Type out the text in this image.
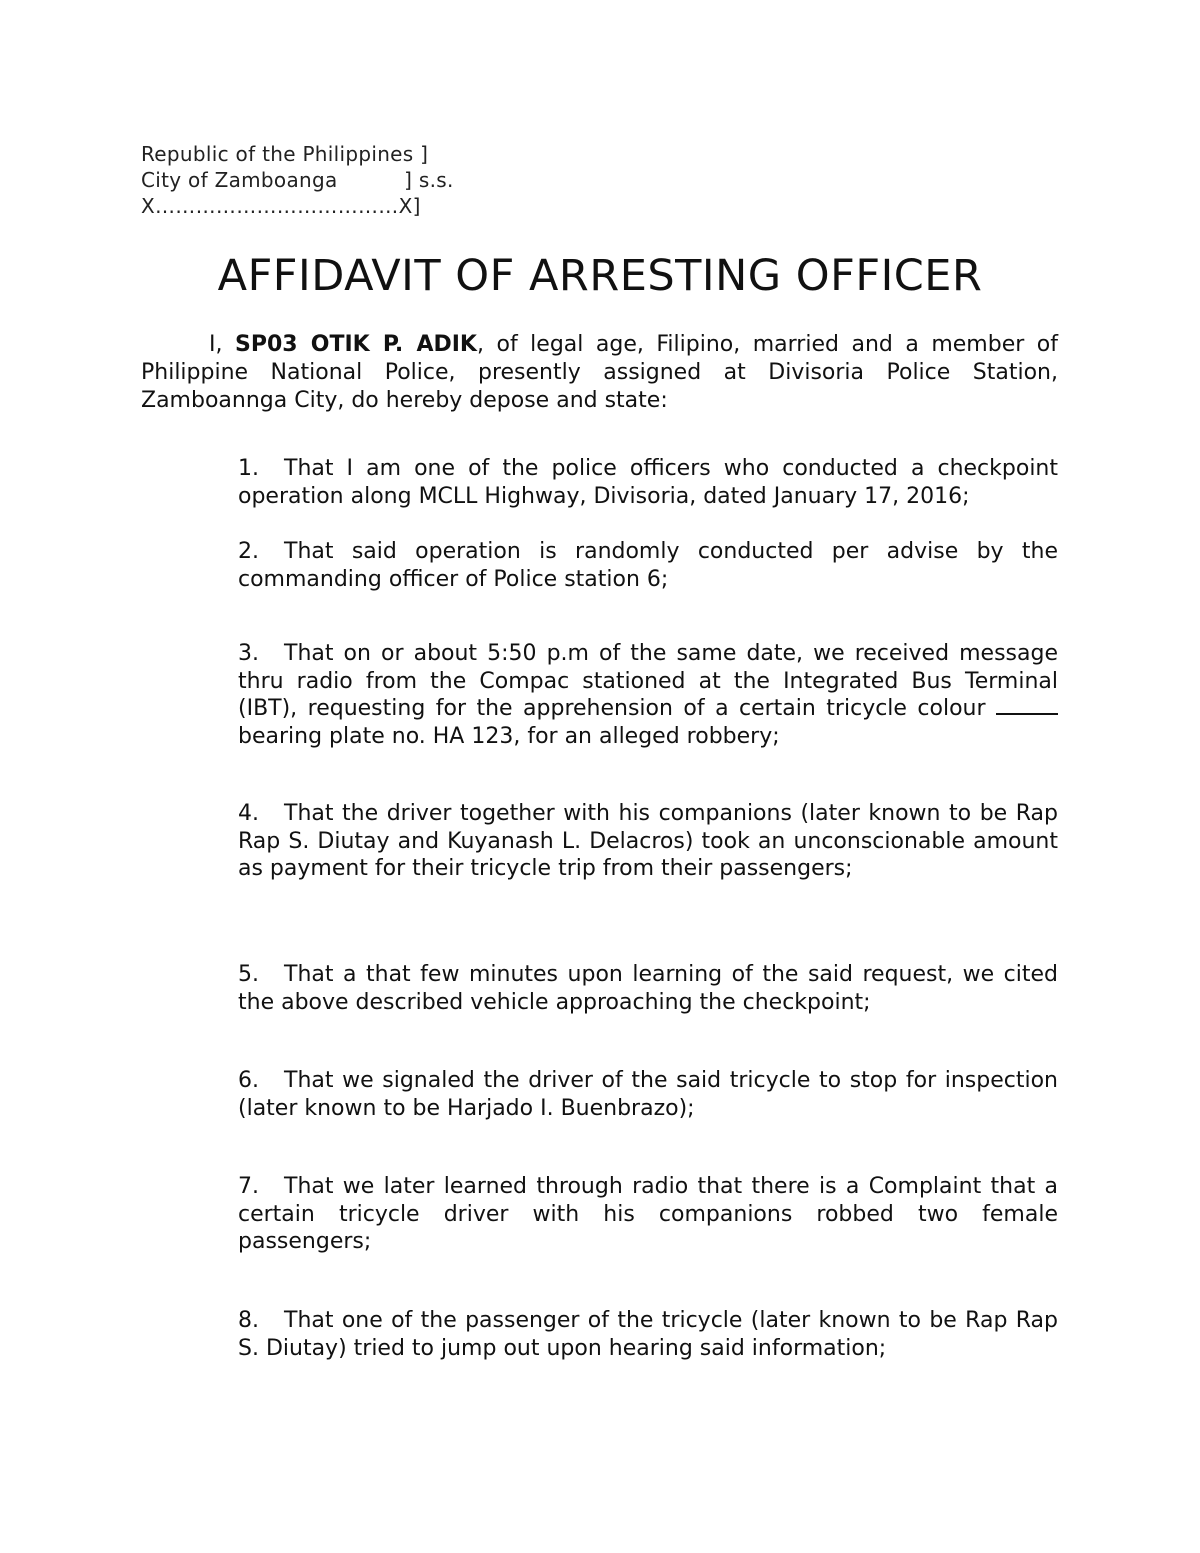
Republic of the Philippines ]
City of Zamboanga          ] s.s.
X………………………………X]
AFFIDAVIT OF ARRESTING OFFICER

I, SP03 OTIK P. ADIK, of legal age, Filipino, married and a member of Philippine National Police, presently assigned at Divisoria Police Station, Zamboannga City, do hereby depose and state:

1. That I am one of the police officers who conducted a checkpoint operation along MCLL Highway, Divisoria, dated January 17, 2016;

2. That said operation is randomly conducted per advise by the commanding officer of Police station 6;

3. That on or about 5:50 p.m of the same date, we received message thru radio from the Compac stationed at the Integrated Bus Terminal (IBT), requesting for the apprehension of a certain tricycle colour bearing plate no. HA 123, for an alleged robbery;

4. That the driver together with his companions (later known to be Rap Rap S. Diutay and Kuyanash L. Delacros) took an unconscionable amount as payment for their tricycle trip from their passengers;

5. That a that few minutes upon learning of the said request, we cited the above described vehicle approaching the checkpoint;

6. That we signaled the driver of the said tricycle to stop for inspection (later known to be Harjado I. Buenbrazo);

7. That we later learned through radio that there is a Complaint that a certain tricycle driver with his companions robbed two female passengers;

8. That one of the passenger of the tricycle (later known to be Rap Rap S. Diutay) tried to jump out upon hearing said information;
